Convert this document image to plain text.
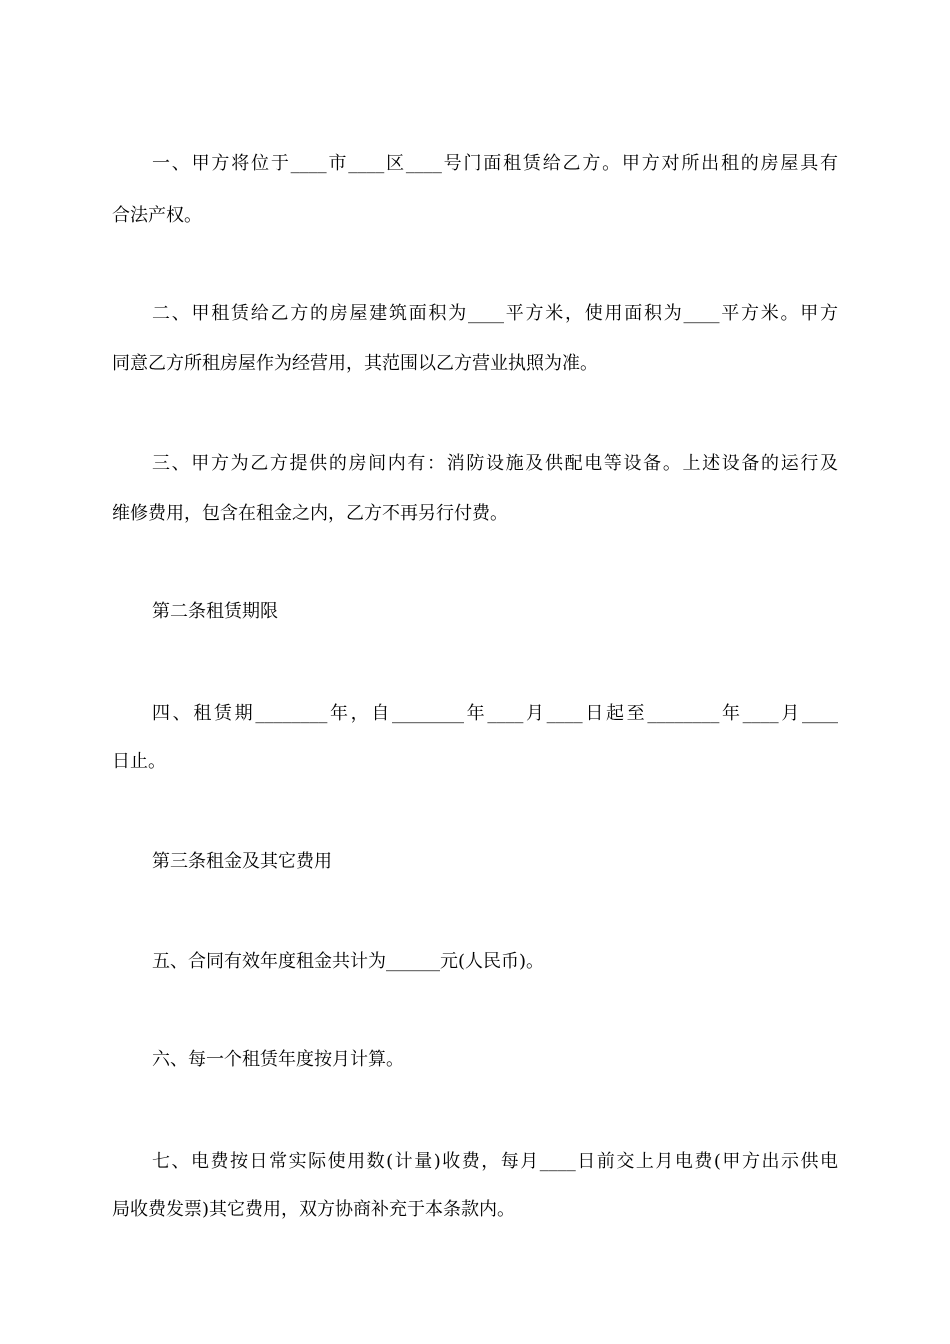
一、甲方将位于____市____区____号门面租赁给乙方。甲方对所出租的房屋具有
合法产权。
二、甲租赁给乙方的房屋建筑面积为____平方米，使用面积为____平方米。甲方
同意乙方所租房屋作为经营用，其范围以乙方营业执照为准。
三、甲方为乙方提供的房间内有：消防设施及供配电等设备。上述设备的运行及
维修费用，包含在租金之内，乙方不再另行付费。
第二条租赁期限
四、租赁期________年，自________年____月____日起至________年____月____
日止。
第三条租金及其它费用
五、合同有效年度租金共计为______元(人民币)。
六、每一个租赁年度按月计算。
七、电费按日常实际使用数(计量)收费，每月____日前交上月电费(甲方出示供电
局收费发票)其它费用，双方协商补充于本条款内。
